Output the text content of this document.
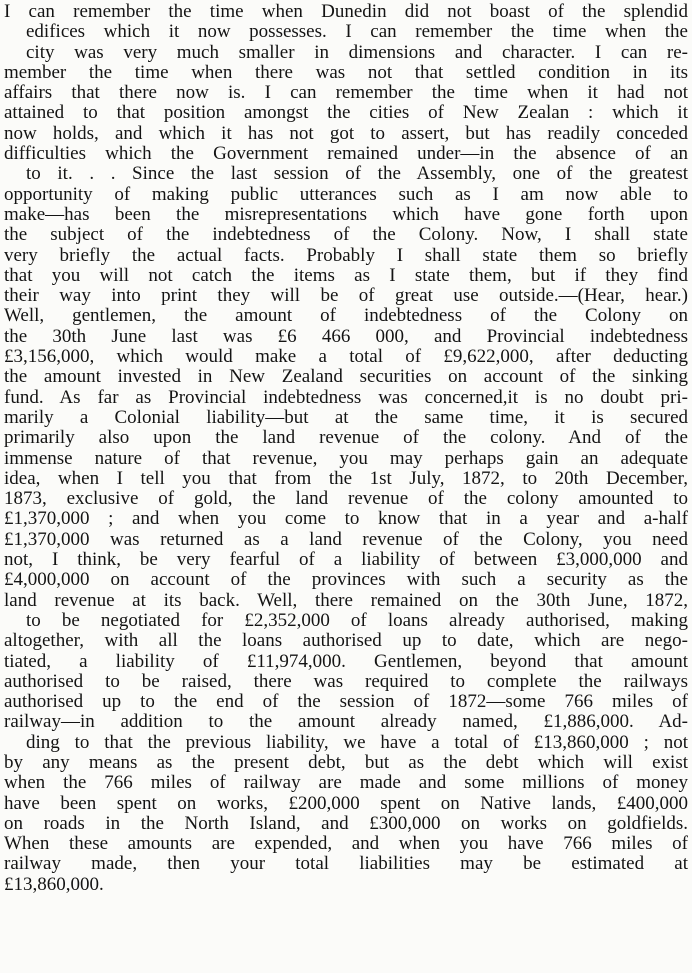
I can remember the time when Dunedin did not boast of the splendid
edifices which it now possesses. I can remember the time when the
city was very much smaller in dimensions and character. I can re-
member the time when there was not that settled condition in its
affairs that there now is. I can remember the time when it had not
attained to that position amongst the cities of New Zealan : which it
now holds, and which it has not got to assert, but has readily conceded
difficulties which the Government remained under—in the absence of an
to it. . . Since the last session of the Assembly, one of the greatest
opportunity of making public utterances such as I am now able to
make—has been the misrepresentations which have gone forth upon
the subject of the indebtedness of the Colony. Now, I shall state
very briefly the actual facts. Probably I shall state them so briefly
that you will not catch the items as I state them, but if they find
their way into print they will be of great use outside.—(Hear, hear.)
Well, gentlemen, the amount of indebtedness of the Colony on
the 30th June last was £6 466 000, and Provincial indebtedness
£3,156,000, which would make a total of £9,622,000, after deducting
the amount invested in New Zealand securities on account of the sinking
fund. As far as Provincial indebtedness was concerned,it is no doubt pri-
marily a Colonial liability—but at the same time, it is secured
primarily also upon the land revenue of the colony. And of the
immense nature of that revenue, you may perhaps gain an adequate
idea, when I tell you that from the 1st July, 1872, to 20th December,
1873, exclusive of gold, the land revenue of the colony amounted to
£1,370,000 ; and when you come to know that in a year and a-half
£1,370,000 was returned as a land revenue of the Colony, you need
not, I think, be very fearful of a liability of between £3,000,000 and
£4,000,000 on account of the provinces with such a security as the
land revenue at its back. Well, there remained on the 30th June, 1872,
to be negotiated for £2,352,000 of loans already authorised, making
altogether, with all the loans authorised up to date, which are nego-
tiated, a liability of £11,974,000. Gentlemen, beyond that amount
authorised to be raised, there was required to complete the railways
authorised up to the end of the session of 1872—some 766 miles of
railway—in addition to the amount already named, £1,886,000. Ad-
ding to that the previous liability, we have a total of £13,860,000 ; not
by any means as the present debt, but as the debt which will exist
when the 766 miles of railway are made and some millions of money
have been spent on works, £200,000 spent on Native lands, £400,000
on roads in the North Island, and £300,000 on works on goldfields.
When these amounts are expended, and when you have 766 miles of
railway made, then your total liabilities may be estimated at
£13,860,000.
